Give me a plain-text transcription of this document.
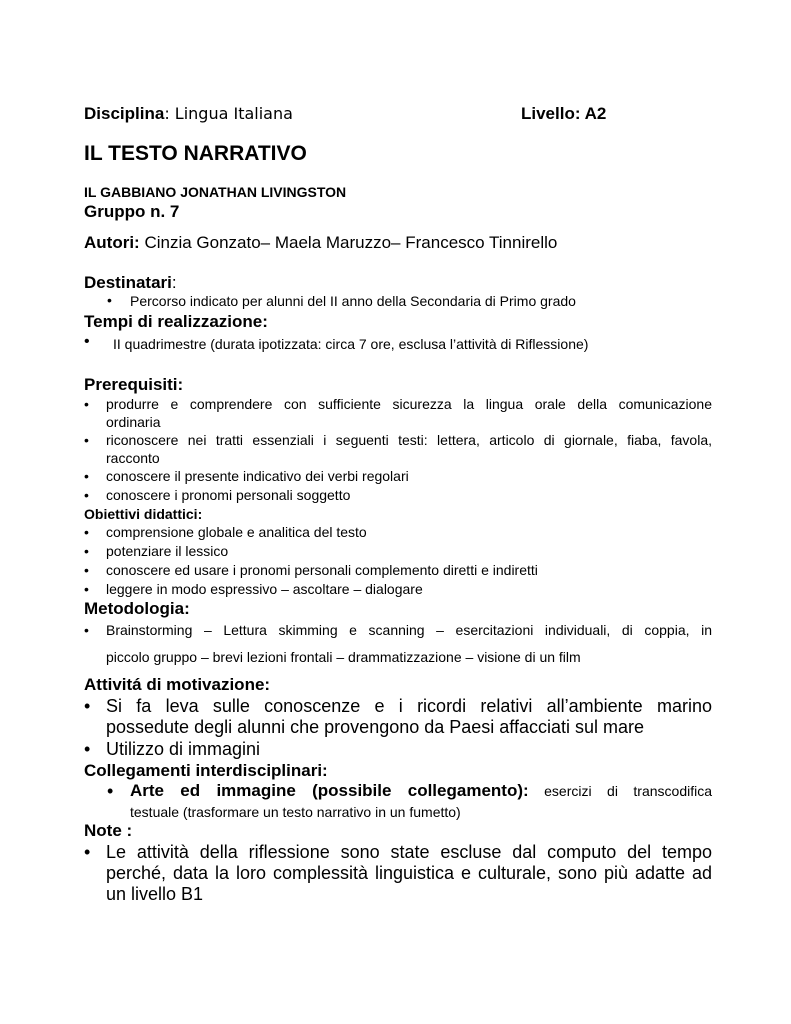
Disciplina: Lingua Italiana	Livello: A2
IL TESTO NARRATIVO
IL GABBIANO JONATHAN LIVINGSTON
Gruppo n. 7
Autori: Cinzia Gonzato– Maela Maruzzo– Francesco Tinnirello
Destinatari:
• Percorso indicato per alunni del II anno della Secondaria di Primo grado
Tempi di realizzazione:
• II quadrimestre (durata ipotizzata: circa 7 ore, esclusa l’attività di Riflessione)
Prerequisiti:
• produrre e comprendere con sufficiente sicurezza la lingua orale della comunicazione
ordinaria
• riconoscere nei tratti essenziali i seguenti testi: lettera, articolo di giornale, fiaba, favola,
racconto
• conoscere il presente indicativo dei verbi regolari
• conoscere i pronomi personali soggetto
Obiettivi didattici:
• comprensione globale e analitica del testo
• potenziare il lessico
• conoscere ed usare i pronomi personali complemento diretti e indiretti
• leggere in modo espressivo – ascoltare – dialogare
Metodologia:
• Brainstorming – Lettura skimming e scanning – esercitazioni individuali, di coppia, in
piccolo gruppo – brevi lezioni frontali – drammatizzazione – visione di un film
Attivitá di motivazione:
• Si fa leva sulle conoscenze e i ricordi relativi all’ambiente marino
possedute degli alunni che provengono da Paesi affacciati sul mare
• Utilizzo di immagini
Collegamenti interdisciplinari:
• Arte ed immagine (possibile collegamento): esercizi di transcodifica
testuale (trasformare un testo narrativo in un fumetto)
Note :
• Le attività della riflessione sono state escluse dal computo del tempo
perché, data la loro complessità linguistica e culturale, sono più adatte ad
un livello B1
